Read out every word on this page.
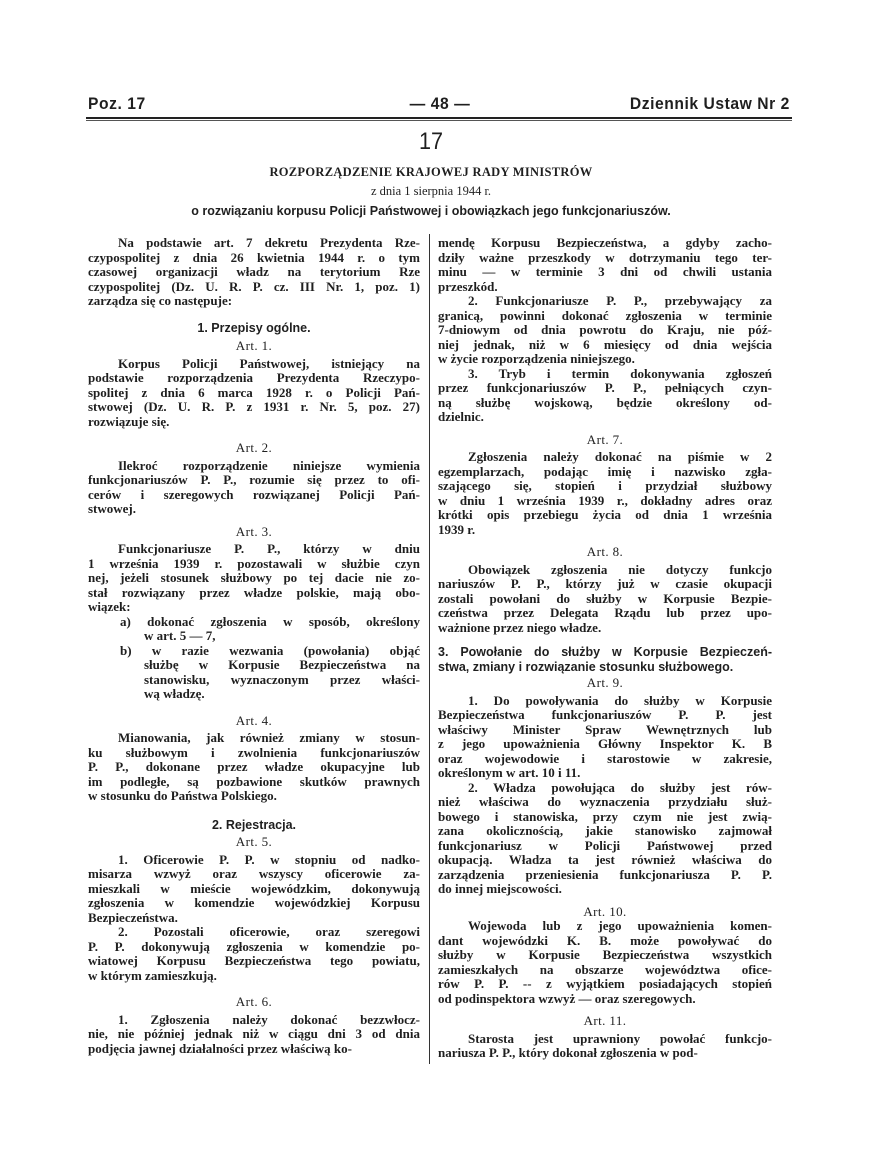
Poz. 17	— 48 —	Dziennik Ustaw Nr 2
17
ROZPORZĄDZENIE KRAJOWEJ RADY MINISTRÓW
z dnia 1 sierpnia 1944 r.
o rozwiązaniu korpusu Policji Państwowej i obowiązkach jego funkcjonariuszów.
Na podstawie art. 7 dekretu Prezydenta Rze-
czypospolitej z dnia 26 kwietnia 1944 r. o tym
czasowej organizacji władz na terytorium Rze
czypospolitej (Dz. U. R. P. cz. III Nr. 1, poz. 1)
zarządza się co następuje:
1. Przepisy ogólne.
Art. 1.
Korpus Policji Państwowej, istniejący na
podstawie rozporządzenia Prezydenta Rzeczypo-
spolitej z dnia 6 marca 1928 r. o Policji Pań-
stwowej (Dz. U. R. P. z 1931 r. Nr. 5, poz. 27)
rozwiązuje się.
Art. 2.
Ilekroć rozporządzenie niniejsze wymienia
funkcjonariuszów P. P., rozumie się przez to ofi-
cerów i szeregowych rozwiązanej Policji Pań-
stwowej.
Art. 3.
Funkcjonariusze P. P., którzy w dniu
1 września 1939 r. pozostawali w służbie czyn
nej, jeżeli stosunek służbowy po tej dacie nie zo-
stał rozwiązany przez władze polskie, mają obo-
wiązek:
a) dokonać zgłoszenia w sposób, określony
w art. 5 — 7,
b) w razie wezwania (powołania) objąć
służbę w Korpusie Bezpieczeństwa na
stanowisku, wyznaczonym przez właści-
wą władzę.
Art. 4.
Mianowania, jak również zmiany w stosun-
ku służbowym i zwolnienia funkcjonariuszów
P. P., dokonane przez władze okupacyjne lub
im podległe, są pozbawione skutków prawnych
w stosunku do Państwa Polskiego.
2. Rejestracja.
Art. 5.
1. Oficerowie P. P. w stopniu od nadko-
misarza wzwyż oraz wszyscy oficerowie za-
mieszkali w mieście wojewódzkim, dokonywują
zgłoszenia w komendzie wojewódzkiej Korpusu
Bezpieczeństwa.
2. Pozostali oficerowie, oraz szeregowi
P. P. dokonywują zgłoszenia w komendzie po-
wiatowej Korpusu Bezpieczeństwa tego powiatu,
w którym zamieszkują.
Art. 6.
1. Zgłoszenia należy dokonać bezzwłocz-
nie, nie później jednak niż w ciągu dni 3 od dnia
podjęcia jawnej działalności przez właściwą ko-
mendę Korpusu Bezpieczeństwa, a gdyby zacho-
dziły ważne przeszkody w dotrzymaniu tego ter-
minu — w terminie 3 dni od chwili ustania
przeszkód.
2. Funkcjonariusze P. P., przebywający za
granicą, powinni dokonać zgłoszenia w terminie
7-dniowym od dnia powrotu do Kraju, nie póź-
niej jednak, niż w 6 miesięcy od dnia wejścia
w życie rozporządzenia niniejszego.
3. Tryb i termin dokonywania zgłoszeń
przez funkcjonariuszów P. P., pełniących czyn-
ną służbę wojskową, będzie określony od-
dzielnic.
Art. 7.
Zgłoszenia należy dokonać na piśmie w 2
egzemplarzach, podając imię i nazwisko zgła-
szającego się, stopień i przydział służbowy
w dniu 1 września 1939 r., dokładny adres oraz
krótki opis przebiegu życia od dnia 1 września
1939 r.
Art. 8.
Obowiązek zgłoszenia nie dotyczy funkcjo
nariuszów P. P., którzy już w czasie okupacji
zostali powołani do służby w Korpusie Bezpie-
czeństwa przez Delegata Rządu lub przez upo-
ważnione przez niego władze.
3. Powołanie do służby w Korpusie Bezpieczeń-
stwa, zmiany i rozwiązanie stosunku służbowego.
Art. 9.
1. Do powoływania do służby w Korpusie
Bezpieczeństwa funkcjonariuszów P. P. jest
właściwy Minister Spraw Wewnętrznych lub
z jego upoważnienia Główny Inspektor K. B
oraz wojewodowie i starostowie w zakresie,
określonym w art. 10 i 11.
2. Władza powołująca do służby jest rów-
nież właściwa do wyznaczenia przydziału służ-
bowego i stanowiska, przy czym nie jest zwią-
zana okolicznością, jakie stanowisko zajmował
funkcjonariusz w Policji Państwowej przed
okupacją. Władza ta jest również właściwa do
zarządzenia przeniesienia funkcjonariusza P. P.
do innej miejscowości.
Art. 10.
Wojewoda lub z jego upoważnienia komen-
dant wojewódzki K. B. może powoływać do
służby w Korpusie Bezpieczeństwa wszystkich
zamieszkałych na obszarze województwa ofice-
rów P. P. -- z wyjątkiem posiadających stopień
od podinspektora wzwyż — oraz szeregowych.
Art. 11.
Starosta jest uprawniony powołać funkcjo-
nariusza P. P., który dokonał zgłoszenia w pod-
